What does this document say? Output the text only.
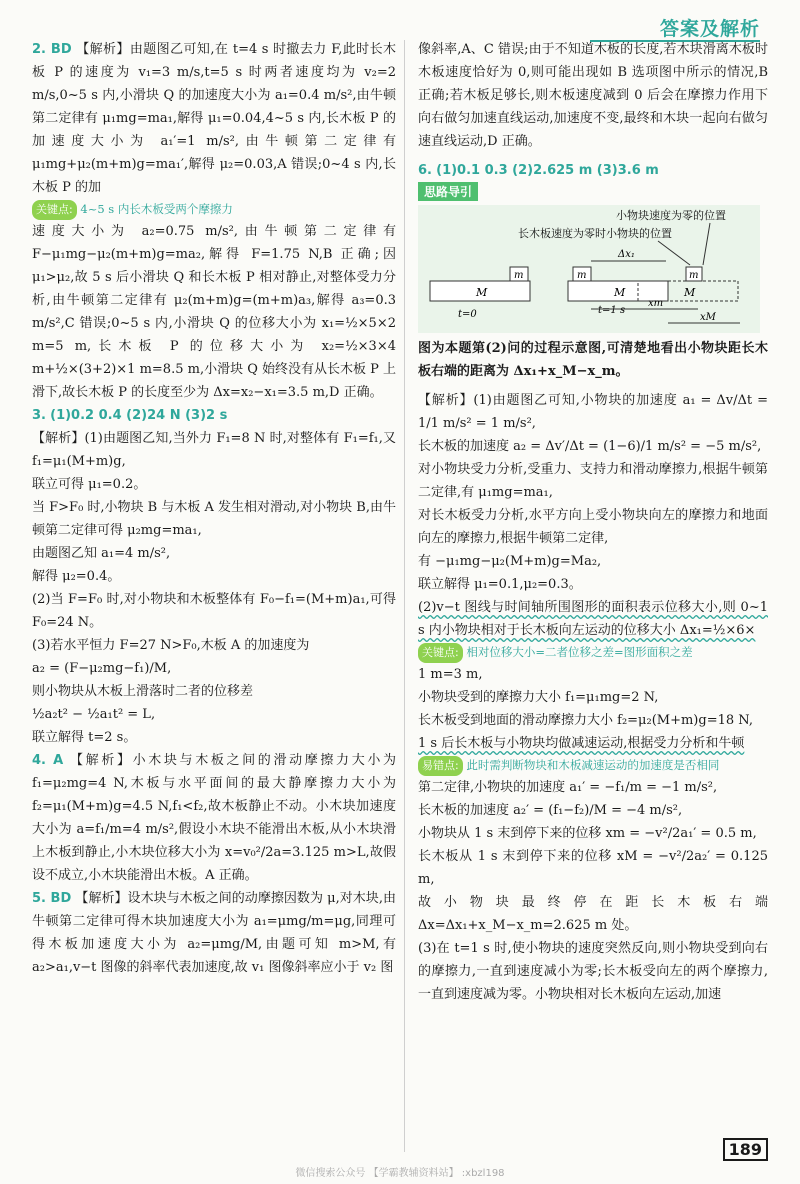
答案及解析

2. BD 【解析】由题图乙可知,在 t=4 s 时撤去力 F,此时长木板 P 的速度为 v₁=3 m/s,t=5 s 时两者速度均为 v₂=2 m/s,0~5 s 内,小滑块 Q 的加速度大小为 a₁=0.4 m/s²,由牛顿第二定律有 μ₁mg=ma₁,解得 μ₁=0.04,4~5 s 内,长木板 P 的加速度大小为 a₁′=1 m/s²,由牛顿第二定律有 μ₁mg+μ₂(m+m)g=ma₁′,解得 μ₂=0.03,A 错误;0~4 s 内,长木板 P 的加

关键点: 4~5 s 内长木板受两个摩擦力

速度大小为 a₂=0.75 m/s²,由牛顿第二定律有 F−μ₁mg−μ₂(m+m)g=ma₂,解得 F=1.75 N,B 正确;因 μ₁>μ₂,故 5 s 后小滑块 Q 和长木板 P 相对静止,对整体受力分析,由牛顿第二定律有 μ₂(m+m)g=(m+m)a₃,解得 a₃=0.3 m/s²,C 错误;0~5 s 内,小滑块 Q 的位移大小为 x₁=½×5×2 m=5 m,长木板 P 的位移大小为 x₂=½×3×4 m+½×(3+2)×1 m=8.5 m,小滑块 Q 始终没有从长木板 P 上滑下,故长木板 P 的长度至少为 Δx=x₂−x₁=3.5 m,D 正确。

3. (1)0.2 0.4 (2)24 N (3)2 s

【解析】(1)由题图乙知,当外力 F₁=8 N 时,对整体有 F₁=f₁,又 f₁=μ₁(M+m)g,

联立可得 μ₁=0.2。

当 F>F₀ 时,小物块 B 与木板 A 发生相对滑动,对小物块 B,由牛顿第二定律可得 μ₂mg=ma₁,

由题图乙知 a₁=4 m/s²,

解得 μ₂=0.4。

(2)当 F=F₀ 时,对小物块和木板整体有 F₀−f₁=(M+m)a₁,可得 F₀=24 N。

(3)若水平恒力 F=27 N>F₀,木板 A 的加速度为

a₂ = (F−μ₂mg−f₁)/M,

则小物块从木板上滑落时二者的位移差

½a₂t² − ½a₁t² = L,

联立解得 t=2 s。

4. A 【解析】小木块与木板之间的滑动摩擦力大小为 f₁=μ₂mg=4 N,木板与水平面间的最大静摩擦力大小为 f₂=μ₁(M+m)g=4.5 N,f₁<f₂,故木板静止不动。小木块加速度大小为 a=f₁/m=4 m/s²,假设小木块不能滑出木板,从小木块滑上木板到静止,小木块位移大小为 x=v₀²/2a=3.125 m>L,故假设不成立,小木块能滑出木板。A 正确。

5. BD 【解析】设木块与木板之间的动摩擦因数为 μ,对木块,由牛顿第二定律可得木块加速度大小为 a₁=μmg/m=μg,同理可得木板加速度大小为 a₂=μmg/M,由题可知 m>M,有 a₂>a₁,v−t 图像的斜率代表加速度,故 v₁ 图像斜率应小于 v₂ 图

像斜率,A、C 错误;由于不知道木板的长度,若木块滑离木板时木板速度恰好为 0,则可能出现如 B 选项图中所示的情况,B 正确;若木板足够长,则木板速度减到 0 后会在摩擦力作用下向右做匀加速直线运动,加速度不变,最终和木块一起向右做匀速直线运动,D 正确。

6. (1)0.1 0.3 (2)2.625 m (3)3.6 m

思路导引
小物块速度为零的位置
长木板速度为零时小物块的位置
m
M
t=0
m
M
t=1 s
Δx₁
m
M
xm
xM

图为本题第(2)问的过程示意图,可清楚地看出小物块距长木板右端的距离为 Δx₁+x_M−x_m。

【解析】(1)由题图乙可知,小物块的加速度 a₁ = Δv/Δt = 1/1 m/s² = 1 m/s²,

长木板的加速度 a₂ = Δv′/Δt = (1−6)/1 m/s² = −5 m/s²,

对小物块受力分析,受重力、支持力和滑动摩擦力,根据牛顿第二定律,有 μ₁mg=ma₁,

对长木板受力分析,水平方向上受小物块向左的摩擦力和地面向左的摩擦力,根据牛顿第二定律,

有 −μ₁mg−μ₂(M+m)g=Ma₂,

联立解得 μ₁=0.1,μ₂=0.3。

(2)v−t 图线与时间轴所围图形的面积表示位移大小,则 0~1 s 内小物块相对于长木板向左运动的位移大小 Δx₁=½×6×

关键点: 相对位移大小=二者位移之差=图形面积之差

1 m=3 m,

小物块受到的摩擦力大小 f₁=μ₁mg=2 N,

长木板受到地面的滑动摩擦力大小 f₂=μ₂(M+m)g=18 N,

1 s 后长木板与小物块均做减速运动,根据受力分析和牛顿

易错点: 此时需判断物块和木板减速运动的加速度是否相同

第二定律,小物块的加速度 a₁′ = −f₁/m = −1 m/s²,

长木板的加速度 a₂′ = (f₁−f₂)/M = −4 m/s²,

小物块从 1 s 末到停下来的位移 xm = −v²/2a₁′ = 0.5 m,

长木板从 1 s 末到停下来的位移 xM = −v²/2a₂′ = 0.125 m,

故小物块最终停在距长木板右端 Δx=Δx₁+x_M−x_m=2.625 m 处。

(3)在 t=1 s 时,使小物块的速度突然反向,则小物块受到向右的摩擦力,一直到速度减小为零;长木板受向左的两个摩擦力,一直到速度减为零。小物块相对长木板向左运动,加速

189
微信搜索公众号 【学霸教辅资料站】 :xbzl198
